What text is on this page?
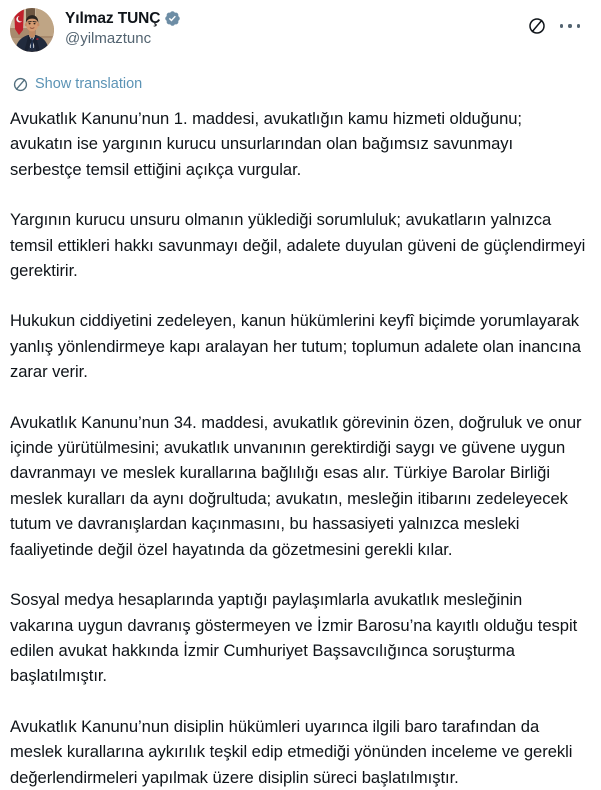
Yılmaz TUNÇ
@yilmaztunc
Show translation

Avukatlık Kanunu’nun 1. maddesi, avukatlığın kamu hizmeti olduğunu; avukatın ise yargının kurucu unsurlarından olan bağımsız savunmayı serbestçe temsil ettiğini açıkça vurgular.

Yargının kurucu unsuru olmanın yüklediği sorumluluk; avukatların yalnızca temsil ettikleri hakkı savunmayı değil, adalete duyulan güveni de güçlendirmeyi gerektirir.

Hukukun ciddiyetini zedeleyen, kanun hükümlerini keyfî biçimde yorumlayarak yanlış yönlendirmeye kapı aralayan her tutum; toplumun adalete olan inancına zarar verir.

Avukatlık Kanunu’nun 34. maddesi, avukatlık görevinin özen, doğruluk ve onur içinde yürütülmesini; avukatlık unvanının gerektirdiği saygı ve güvene uygun davranmayı ve meslek kurallarına bağlılığı esas alır. Türkiye Barolar Birliği meslek kuralları da aynı doğrultuda; avukatın, mesleğin itibarını zedeleyecek tutum ve davranışlardan kaçınmasını, bu hassasiyeti yalnızca mesleki faaliyetinde değil özel hayatında da gözetmesini gerekli kılar.

Sosyal medya hesaplarında yaptığı paylaşımlarla avukatlık mesleğinin vakarına uygun davranış göstermeyen ve İzmir Barosu’na kayıtlı olduğu tespit edilen avukat hakkında İzmir Cumhuriyet Başsavcılığınca soruşturma başlatılmıştır.

Avukatlık Kanunu’nun disiplin hükümleri uyarınca ilgili baro tarafından da meslek kurallarına aykırılık teşkil edip etmediği yönünden inceleme ve gerekli değerlendirmeleri yapılmak üzere disiplin süreci başlatılmıştır.
